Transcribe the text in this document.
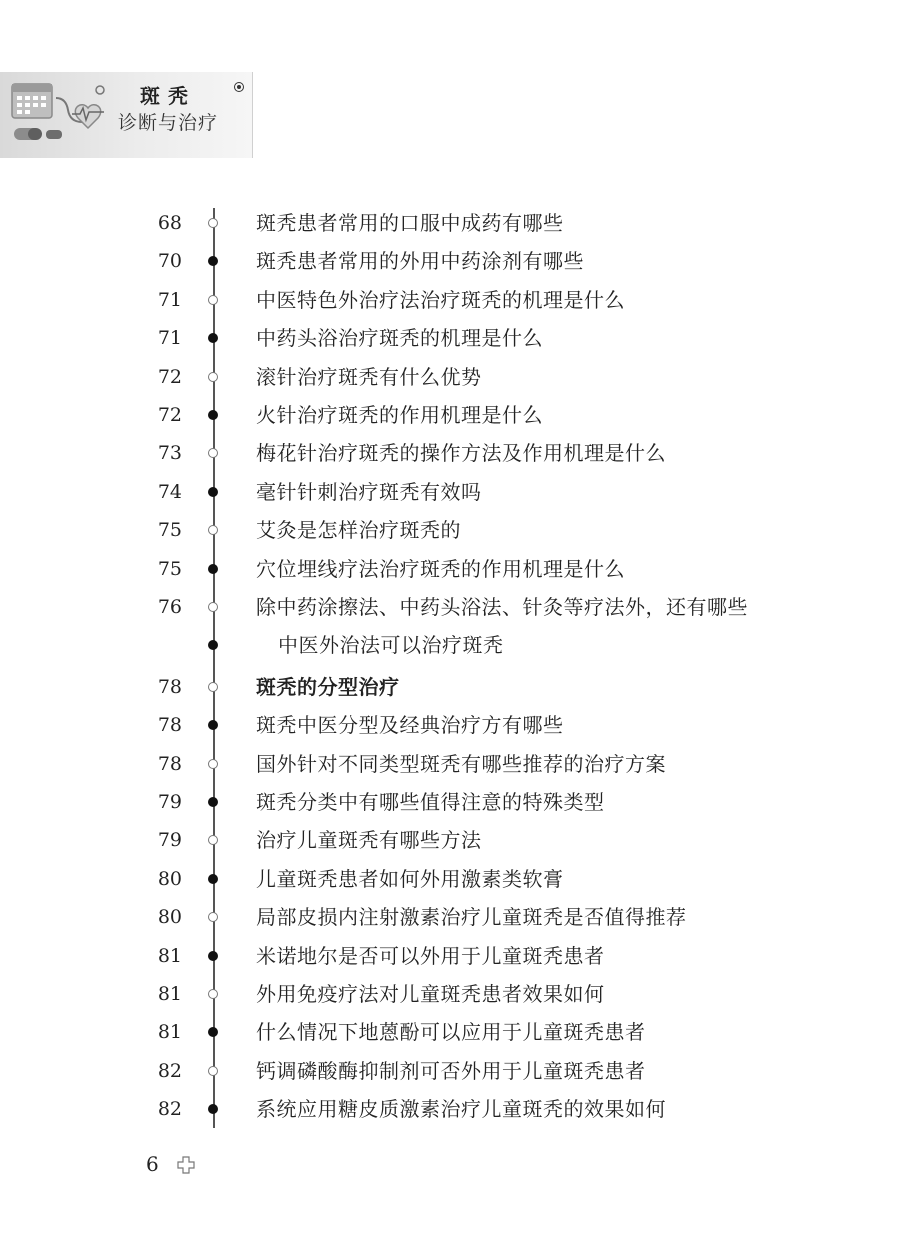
斑秃
诊断与治疗
68	斑秃患者常用的口服中成药有哪些
70	斑秃患者常用的外用中药涂剂有哪些
71	中医特色外治疗法治疗斑秃的机理是什么
71	中药头浴治疗斑秃的机理是什么
72	滚针治疗斑秃有什么优势
72	火针治疗斑秃的作用机理是什么
73	梅花针治疗斑秃的操作方法及作用机理是什么
74	毫针针刺治疗斑秃有效吗
75	艾灸是怎样治疗斑秃的
75	穴位埋线疗法治疗斑秃的作用机理是什么
76	除中药涂擦法、中药头浴法、针灸等疗法外，还有哪些
中医外治法可以治疗斑秃
78	斑秃的分型治疗
78	斑秃中医分型及经典治疗方有哪些
78	国外针对不同类型斑秃有哪些推荐的治疗方案
79	斑秃分类中有哪些值得注意的特殊类型
79	治疗儿童斑秃有哪些方法
80	儿童斑秃患者如何外用激素类软膏
80	局部皮损内注射激素治疗儿童斑秃是否值得推荐
81	米诺地尔是否可以外用于儿童斑秃患者
81	外用免疫疗法对儿童斑秃患者效果如何
81	什么情况下地蒽酚可以应用于儿童斑秃患者
82	钙调磷酸酶抑制剂可否外用于儿童斑秃患者
82	系统应用糖皮质激素治疗儿童斑秃的效果如何
6
